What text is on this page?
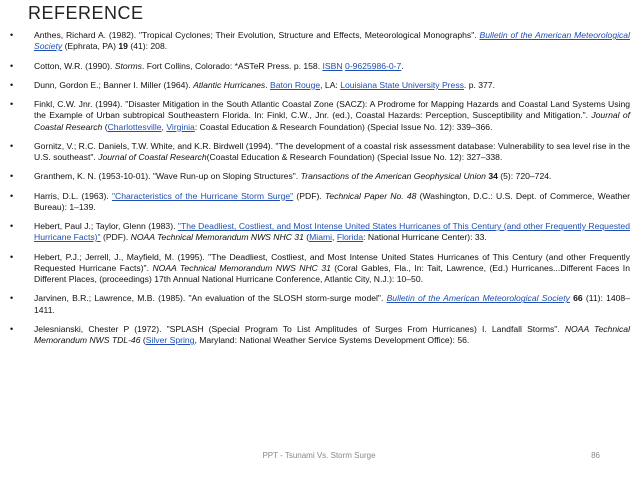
REFERENCE
• Anthes, Richard A. (1982). "Tropical Cyclones; Their Evolution, Structure and Effects, Meteorological Monographs". Bulletin of the American Meteorological Society (Ephrata, PA) 19 (41): 208.
• Cotton, W.R. (1990). Storms. Fort Collins, Colorado: *ASTeR Press. p. 158. ISBN 0-9625986-0-7.
• Dunn, Gordon E.; Banner I. Miller (1964). Atlantic Hurricanes. Baton Rouge, LA: Louisiana State University Press. p. 377.
• Finkl, C.W. Jnr. (1994). "Disaster Mitigation in the South Atlantic Coastal Zone (SACZ): A Prodrome for Mapping Hazards and Coastal Land Systems Using the Example of Urban subtropical Southeastern Florida. In: Finkl, C.W., Jnr. (ed.), Coastal Hazards: Perception, Susceptibility and Mitigation.". Journal of Coastal Research (Charlottesville, Virginia: Coastal Education & Research Foundation) (Special Issue No. 12): 339–366.
• Gornitz, V.; R.C. Daniels, T.W. White, and K.R. Birdwell (1994). "The development of a coastal risk assessment database: Vulnerability to sea level rise in the U.S. southeast". Journal of Coastal Research(Coastal Education & Research Foundation) (Special Issue No. 12): 327–338.
• Granthem, K. N. (1953-10-01). "Wave Run-up on Sloping Structures". Transactions of the American Geophysical Union 34 (5): 720–724.
• Harris, D.L. (1963). "Characteristics of the Hurricane Storm Surge" (PDF). Technical Paper No. 48 (Washington, D.C.: U.S. Dept. of Commerce, Weather Bureau): 1–139.
• Hebert, Paul J.; Taylor, Glenn (1983). "The Deadliest, Costliest, and Most Intense United States Hurricanes of This Century (and other Frequently Requested Hurricane Facts)" (PDF). NOAA Technical Memorandum NWS NHC 31 (Miami, Florida: National Hurricane Center): 33.
• Hebert, P.J.; Jerrell, J., Mayfield, M. (1995). "The Deadliest, Costliest, and Most Intense United States Hurricanes of This Century (and other Frequently Requested Hurricane Facts)". NOAA Technical Memorandum NWS NHC 31 (Coral Gables, Fla., In: Tait, Lawrence, (Ed.) Hurricanes...Different Faces In Different Places, (proceedings) 17th Annual National Hurricane Conference, Atlantic City, N.J.): 10–50.
• Jarvinen, B.R.; Lawrence, M.B. (1985). "An evaluation of the SLOSH storm-surge model". Bulletin of the American Meteorological Society 66 (11): 1408–1411.
• Jelesnianski, Chester P (1972). "SPLASH (Special Program To List Amplitudes of Surges From Hurricanes) I. Landfall Storms". NOAA Technical Memorandum NWS TDL-46 (Silver Spring, Maryland: National Weather Service Systems Development Office): 56.
PPT - Tsunami Vs. Storm Surge	86
